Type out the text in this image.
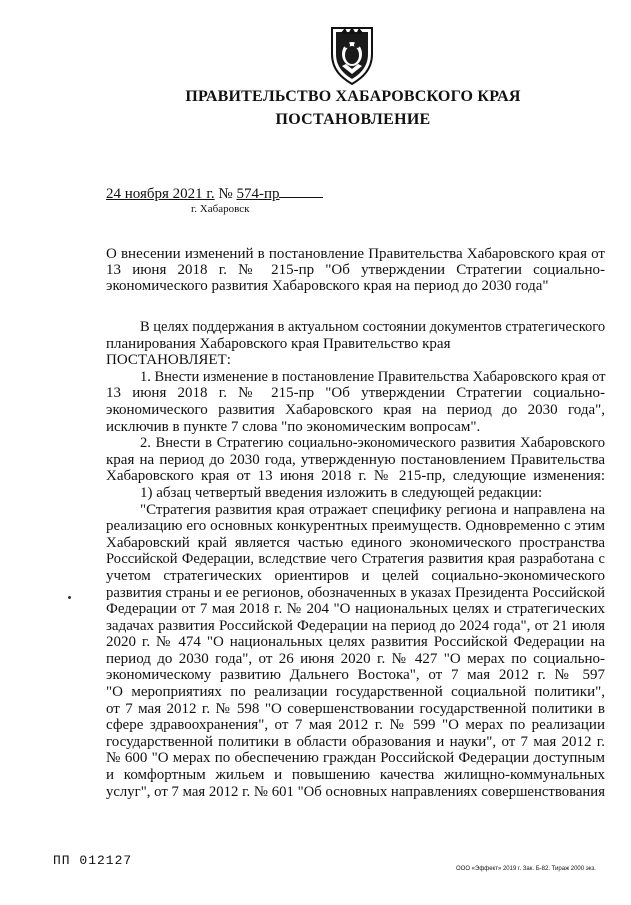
ПРАВИТЕЛЬСТВО ХАБАРОВСКОГО КРАЯ
ПОСТАНОВЛЕНИЕ
24 ноября 2021 г. № 574-пр
г. Хабаровск
О внесении изменений в постановление Правительства Хабаровского края от
13 июня 2018 г. № 215-пр "Об утверждении Стратегии социально-
экономического развития Хабаровского края на период до 2030 года"
В целях поддержания в актуальном состоянии документов стратегического
планирования Хабаровского края Правительство края
ПОСТАНОВЛЯЕТ:
1. Внести изменение в постановление Правительства Хабаровского края от
13 июня 2018 г. № 215-пр "Об утверждении Стратегии социально-
экономического развития Хабаровского края на период до 2030 года",
исключив в пункте 7 слова "по экономическим вопросам".
2. Внести в Стратегию социально-экономического развития Хабаровского
края на период до 2030 года, утвержденную постановлением Правительства
Хабаровского края от 13 июня 2018 г. № 215-пр, следующие изменения:
1) абзац четвертый введения изложить в следующей редакции:
"Стратегия развития края отражает специфику региона и направлена на
реализацию его основных конкурентных преимуществ. Одновременно с этим
Хабаровский край является частью единого экономического пространства
Российской Федерации, вследствие чего Стратегия развития края разработана с
учетом стратегических ориентиров и целей социально-экономического
развития страны и ее регионов, обозначенных в указах Президента Российской
Федерации от 7 мая 2018 г. № 204 "О национальных целях и стратегических
задачах развития Российской Федерации на период до 2024 года", от 21 июля
2020 г. № 474 "О национальных целях развития Российской Федерации на
период до 2030 года", от 26 июня 2020 г. № 427 "О мерах по социально-
экономическому развитию Дальнего Востока", от 7 мая 2012 г. № 597
"О мероприятиях по реализации государственной социальной политики",
от 7 мая 2012 г. № 598 "О совершенствовании государственной политики в
сфере здравоохранения", от 7 мая 2012 г. № 599 "О мерах по реализации
государственной политики в области образования и науки", от 7 мая 2012 г.
№ 600 "О мерах по обеспечению граждан Российской Федерации доступным
и комфортным жильем и повышению качества жилищно-коммунальных
услуг", от 7 мая 2012 г. № 601 "Об основных направлениях совершенствования
ПП 012127
ООО «Эффект» 2019 г. Зак. Б-82. Тираж 2000 экз.
